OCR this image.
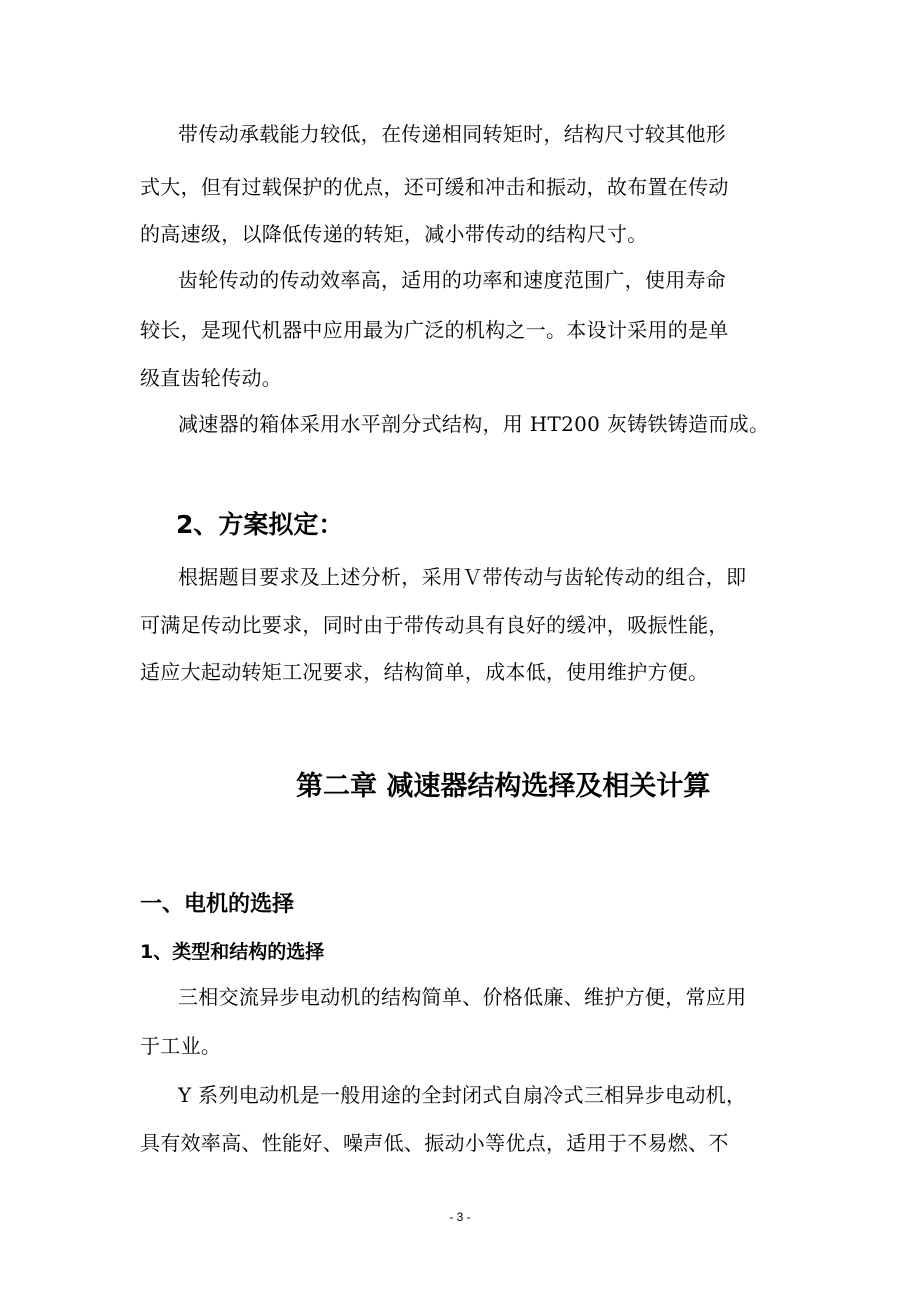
带传动承载能力较低，在传递相同转矩时，结构尺寸较其他形
式大，但有过载保护的优点，还可缓和冲击和振动，故布置在传动
的高速级，以降低传递的转矩，减小带传动的结构尺寸。
齿轮传动的传动效率高，适用的功率和速度范围广，使用寿命
较长，是现代机器中应用最为广泛的机构之一。本设计采用的是单
级直齿轮传动。
减速器的箱体采用水平剖分式结构，用 HT200 灰铸铁铸造而成。
2、方案拟定：
根据题目要求及上述分析，采用Ｖ带传动与齿轮传动的组合，即
可满足传动比要求，同时由于带传动具有良好的缓冲，吸振性能，
适应大起动转矩工况要求，结构简单，成本低，使用维护方便。
第二章 减速器结构选择及相关计算
一、电机的选择
1、类型和结构的选择
三相交流异步电动机的结构简单、价格低廉、维护方便，常应用
于工业。
Y 系列电动机是一般用途的全封闭式自扇冷式三相异步电动机，
具有效率高、性能好、噪声低、振动小等优点，适用于不易燃、不
- 3 -
